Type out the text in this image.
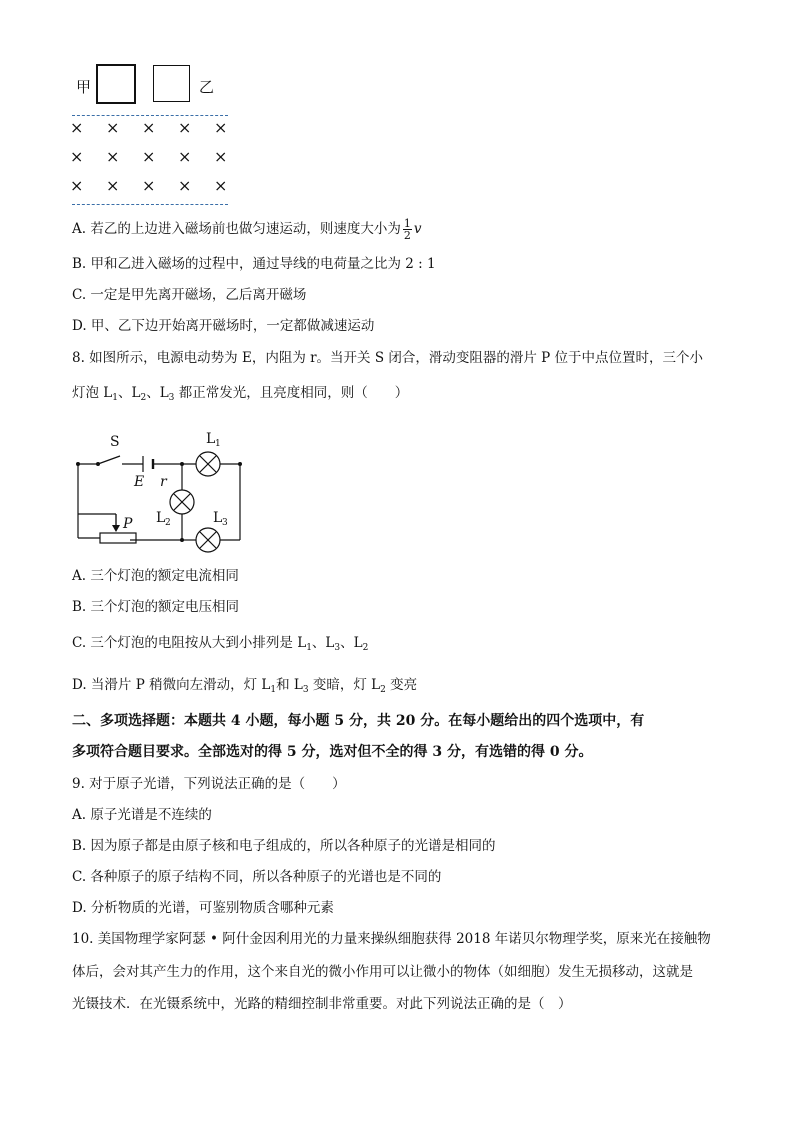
甲	乙
× × × × ×
× × × × ×
× × × × ×
A. 若乙的上边进入磁场前也做匀速运动，则速度大小为 $\frac{1}{2}$ v
B. 甲和乙进入磁场的过程中，通过导线的电荷量之比为 2 : 1
C. 一定是甲先离开磁场，乙后离开磁场
D. 甲、乙下边开始离开磁场时，一定都做减速运动
8. 如图所示，电源电动势为 E，内阻为 r。当开关 S 闭合，滑动变阻器的滑片 P 位于中点位置时，三个小
灯泡 $L_1$、$L_2$、$L_3$ 都正常发光，且亮度相同，则（　　）
S
E r
L 1
L 2	L 3
P
A. 三个灯泡的额定电流相同
B. 三个灯泡的额定电压相同
C. 三个灯泡的电阻按从大到小排列是 $L_1$、$L_3$、$L_2$
D. 当滑片 P 稍微向左滑动，灯 $L_1$和 $L_3$ 变暗，灯 $L_2$ 变亮
二、多项选择题：本题共 4 小题，每小题 5 分，共 20 分。在每小题给出的四个选项中，有
多项符合题目要求。全部选对的得 5 分，选对但不全的得 3 分，有选错的得 0 分。
9. 对于原子光谱，下列说法正确的是（　　）
A. 原子光谱是不连续的
B. 因为原子都是由原子核和电子组成的，所以各种原子的光谱是相同的
C. 各种原子的原子结构不同，所以各种原子的光谱也是不同的
D. 分析物质的光谱，可鉴别物质含哪种元素
10. 美国物理学家阿瑟 • 阿什金因利用光的力量来操纵细胞获得 2018 年诺贝尔物理学奖，原来光在接触物
体后，会对其产生力的作用，这个来自光的微小作用可以让微小的物体（如细胞）发生无损移动，这就是
光镊技术．在光镊系统中，光路的精细控制非常重要。对此下列说法正确的是（　）
